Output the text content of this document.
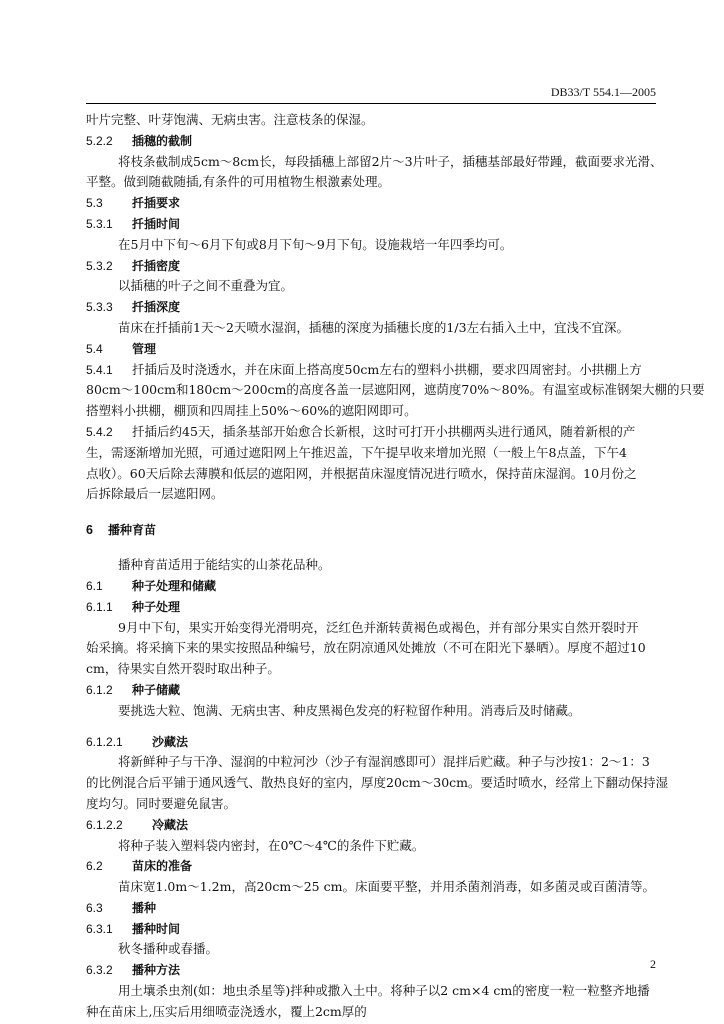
DB33/T 554.1—2005
叶片完整、叶芽饱满、无病虫害。注意枝条的保湿。
5.2.2 插穗的截制
将枝条截制成5cm～8cm长，每段插穗上部留2片～3片叶子，插穗基部最好带踵，截面要求光滑、
平整。做到随截随插,有条件的可用植物生根激素处理。
5.3 扦插要求
5.3.1 扦插时间
在5月中下旬～6月下旬或8月下旬～9月下旬。设施栽培一年四季均可。
5.3.2 扦插密度
以插穗的叶子之间不重叠为宜。
5.3.3 扦插深度
苗床在扦插前1天～2天喷水湿润，插穗的深度为插穗长度的1/3左右插入土中，宜浅不宜深。
5.4 管理
5.4.1 扦插后及时浇透水，并在床面上搭高度50cm左右的塑料小拱棚，要求四周密封。小拱棚上方
80cm～100cm和180cm～200cm的高度各盖一层遮阳网，遮荫度70%～80%。有温室或标准钢架大棚的只要
搭塑料小拱棚，棚顶和四周挂上50%～60%的遮阳网即可。
5.4.2 扦插后约45天，插条基部开始愈合长新根，这时可打开小拱棚两头进行通风，随着新根的产
生，需逐渐增加光照，可通过遮阳网上午推迟盖，下午提早收来增加光照（一般上午8点盖，下午4
点收）。60天后除去薄膜和低层的遮阳网，并根据苗床湿度情况进行喷水，保持苗床湿润。10月份之
后拆除最后一层遮阳网。
6 播种育苗
播种育苗适用于能结实的山茶花品种。
6.1 种子处理和储藏
6.1.1 种子处理
9月中下旬，果实开始变得光滑明亮，泛红色并渐转黄褐色或褐色，并有部分果实自然开裂时开
始采摘。将采摘下来的果实按照品种编号，放在阴凉通风处摊放（不可在阳光下暴晒）。厚度不超过10
cm，待果实自然开裂时取出种子。
6.1.2 种子储藏
要挑选大粒、饱满、无病虫害、种皮黑褐色发亮的籽粒留作种用。消毒后及时储藏。
6.1.2.1 沙藏法
将新鲜种子与干净、湿润的中粒河沙（沙子有湿润感即可）混拌后贮藏。种子与沙按1：2～1：3
的比例混合后平铺于通风透气、散热良好的室内，厚度20cm～30cm。要适时喷水，经常上下翻动保持湿
度均匀。同时要避免鼠害。
6.1.2.2 冷藏法
将种子装入塑料袋内密封，在0℃～4℃的条件下贮藏。
6.2 苗床的准备
苗床宽1.0m～1.2m，高20cm～25 cm。床面要平整，并用杀菌剂消毒，如多菌灵或百菌清等。
6.3 播种
6.3.1 播种时间
秋冬播种或春播。
6.3.2 播种方法
用土壤杀虫剂(如：地虫杀星等)拌种或撒入土中。将种子以2 cm×4 cm的密度一粒一粒整齐地播
种在苗床上,压实后用细喷壶浇透水，覆上2cm厚的
2
